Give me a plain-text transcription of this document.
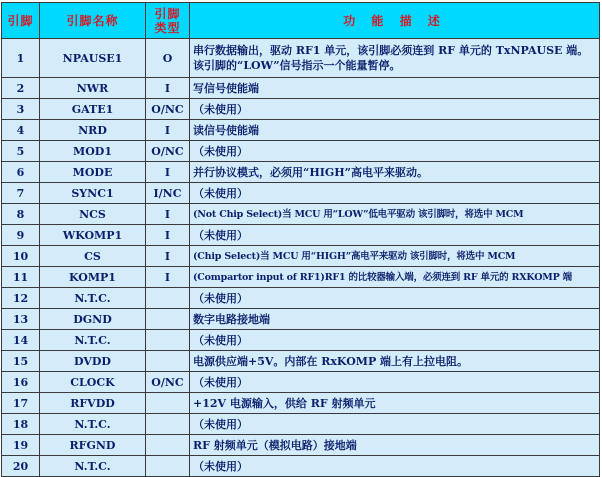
引脚	引脚名称	引脚类型	功 能 描 述
1	NPAUSE1	O	串行数据输出，驱动 RF1 单元，该引脚必须连到 RF 单元的 TxNPAUSE 端。该引脚的“LOW”信号指示一个能量暂停。
2	NWR	I	写信号使能端
3	GATE1	O/NC	（未使用）
4	NRD	I	读信号使能端
5	MOD1	O/NC	（未使用）
6	MODE	I	并行协议模式，必须用“HIGH”高电平来驱动。
7	SYNC1	I/NC	（未使用）
8	NCS	I	(Not Chip Select)当 MCU 用“LOW”低电平驱动 该引脚时，将选中 MCM
9	WKOMP1	I	（未使用）
10	CS	I	(Chip Select)当 MCU 用“HIGH”高电平来驱动 该引脚时，将选中 MCM
11	KOMP1	I	(Compartor input of RF1)RF1 的比较器输入端，必须连到 RF 单元的 RXKOMP 端
12	N.T.C.		（未使用）
13	DGND		数字电路接地端
14	N.T.C.		（未使用）
15	DVDD		电源供应端+5V。内部在 RxKOMP 端上有上拉电阻。
16	CLOCK	O/NC	（未使用）
17	RFVDD		+12V 电源输入，供给 RF 射频单元
18	N.T.C.		（未使用）
19	RFGND		RF 射频单元（模拟电路）接地端
20	N.T.C.		（未使用）
